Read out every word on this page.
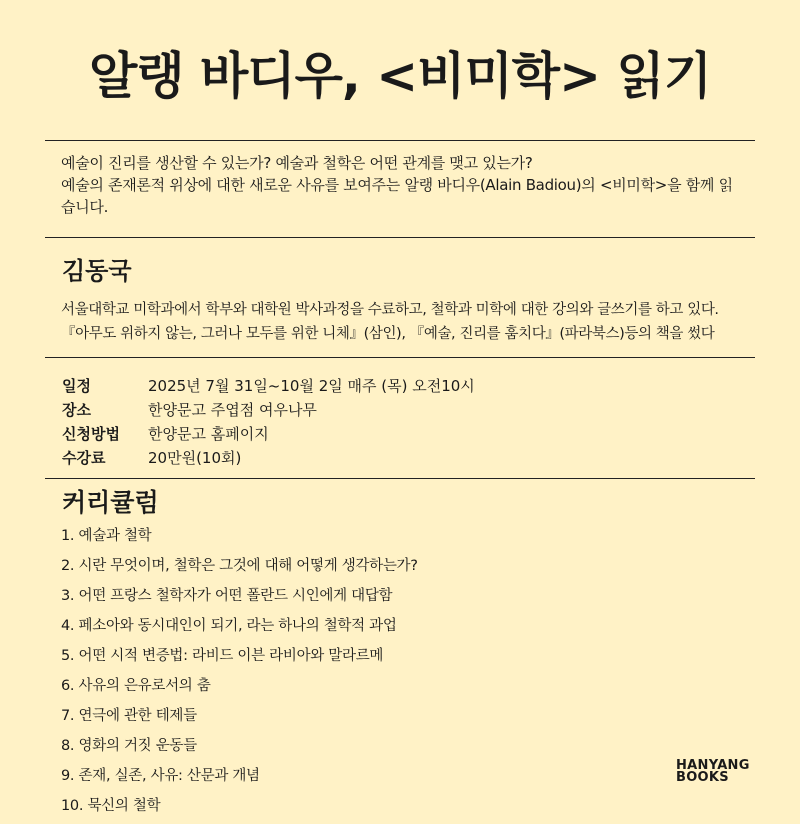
알랭 바디우, <비미학> 읽기
예술이 진리를 생산할 수 있는가? 예술과 철학은 어떤 관계를 맺고 있는가?
예술의 존재론적 위상에 대한 새로운 사유를 보여주는 알랭 바디우(Alain Badiou)의 <비미학>을 함께 읽습니다.
김동국
서울대학교 미학과에서 학부와 대학원 박사과정을 수료하고, 철학과 미학에 대한 강의와 글쓰기를 하고 있다.
『아무도 위하지 않는, 그러나 모두를 위한 니체』(삼인), 『예술, 진리를 훔치다』(파라북스)등의 책을 썼다
일정	2025년 7월 31일~10월 2일 매주 (목) 오전10시
장소	한양문고 주엽점 여우나무
신청방법	한양문고 홈페이지
수강료	20만원(10회)
커리큘럼
1. 예술과 철학
2. 시란 무엇이며, 철학은 그것에 대해 어떻게 생각하는가?
3. 어떤 프랑스 철학자가 어떤 폴란드 시인에게 대답함
4. 페소아와 동시대인이 되기, 라는 하나의 철학적 과업
5. 어떤 시적 변증법: 라비드 이븐 라비아와 말라르메
6. 사유의 은유로서의 춤
7. 연극에 관한 테제들
8. 영화의 거짓 운동들
9. 존재, 실존, 사유: 산문과 개념
10. 묵신의 철학
HANYANG
BOOKS
